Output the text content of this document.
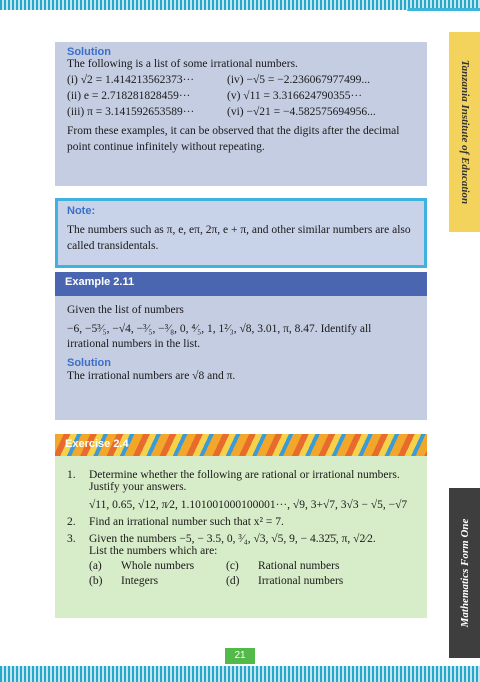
Tanzania Institute of Education
Mathematics Form One
Solution
The following is a list of some irrational numbers.
(i) √2 = 1.414213562373···	(iv) −√5 = −2.236067977499...
(ii) e = 2.718281828459···	(v) √11 = 3.316624790355···
(iii) π = 3.141592653589···	(vi) −√21 = −4.582575694956...

From these examples, it can be observed that the digits after the decimal point continue infinitely without repeating.

Note:

The numbers such as π, e, eπ, 2π, e + π, and other similar numbers are also called transidentals.

Example 2.11
Given the list of numbers

−6, −5³⁄₅, −√4, −³⁄₅, −³⁄₈, 0, ⁴⁄₅, 1, 1²⁄₃, √8, 3.01, π, 8.47. Identify all

irrational numbers in the list.

Solution

The irrational numbers are √8 and π.
Exercise 2.4
1.	Determine whether the following are rational or irrational numbers. Justify your answers.
√11, 0.65, √12, π⁄2, 1.101001000100001···, √9, 3+√7, 3√3 − √5, −√7
2.	Find an irrational number such that x² = 7.
3.	Given the numbers −5, − 3.5, 0, ³⁄₄, √3, √5, 9, − 4.32̇5̇, π, √2⁄2.
List the numbers which are:
(a)	Whole numbers	(c)	Rational numbers
(b)	Integers	(d)	Irrational numbers
21
